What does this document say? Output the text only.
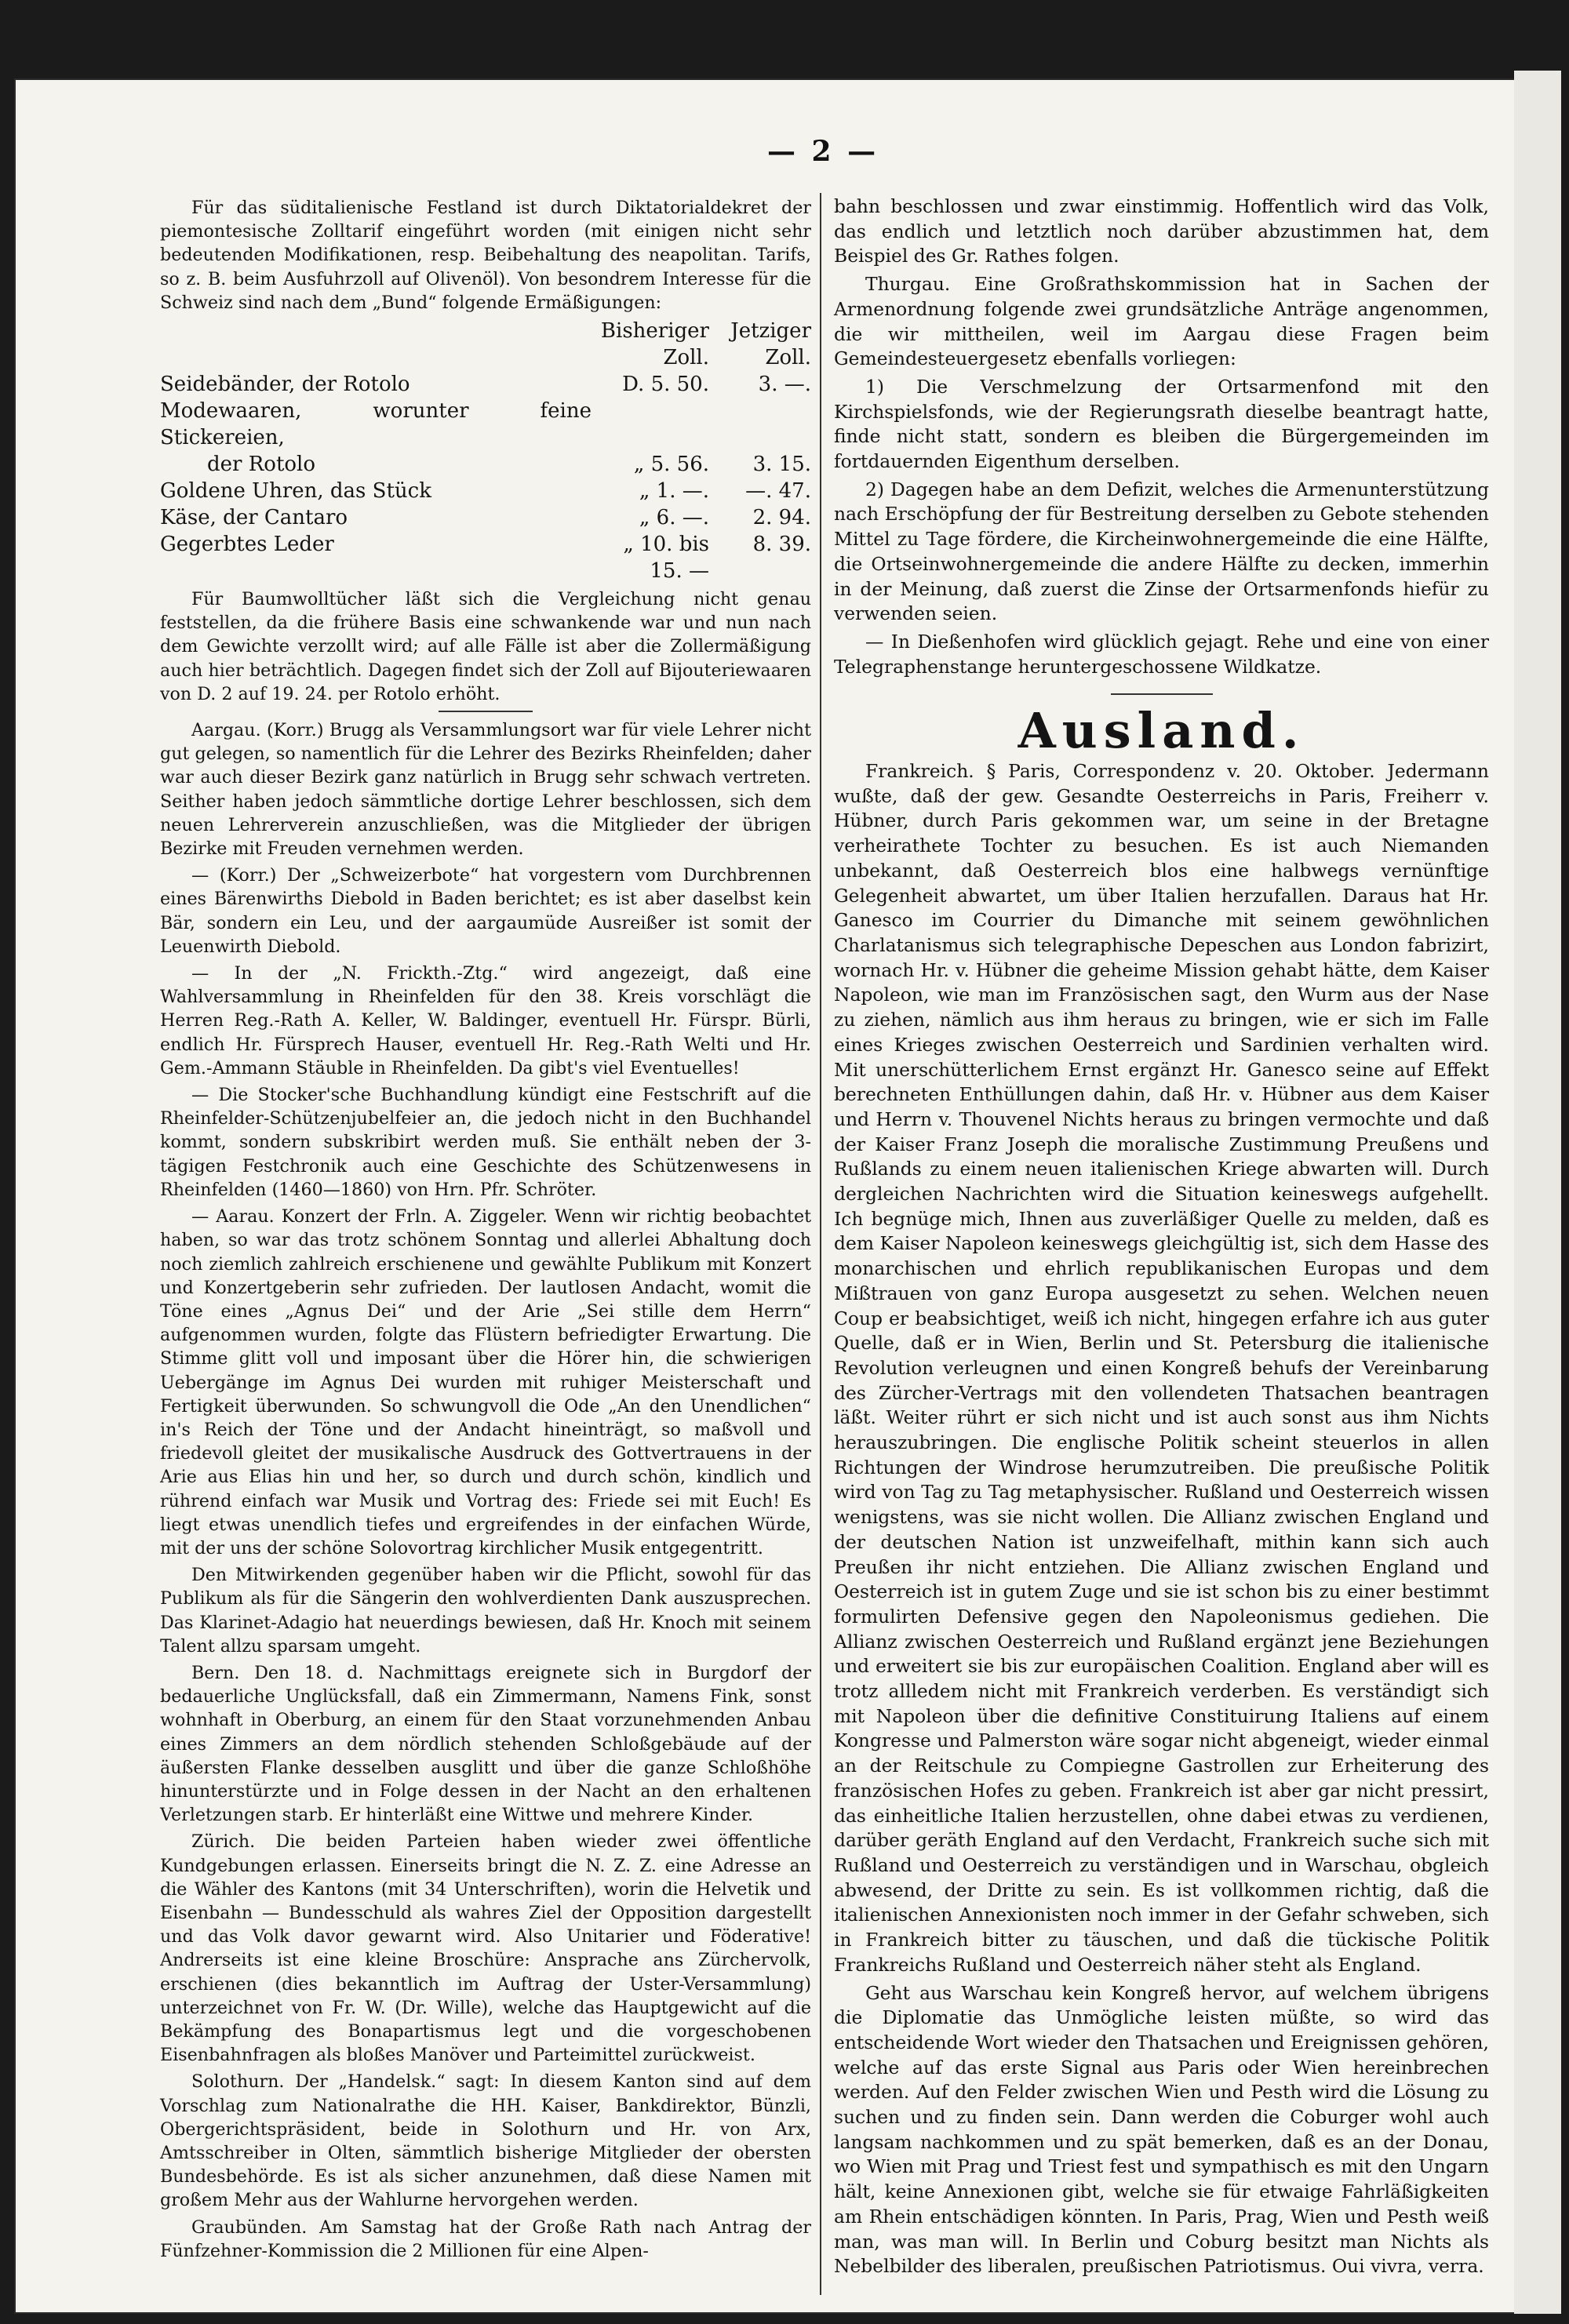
— 2 —

Für das süditalienische Festland ist durch Diktatorialdekret der piemontesische Zolltarif eingeführt worden (mit einigen nicht sehr bedeutenden Modifikationen, resp. Beibehaltung des neapolitan. Tarifs, so z. B. beim Ausfuhrzoll auf Olivenöl). Von besondrem Interesse für die Schweiz sind nach dem „Bund“ folgende Ermäßigungen:

	Bisheriger Zoll.	Jetziger Zoll.
Seidebänder, der Rotolo	D. 5. 50.	3. —.
Modewaaren, worunter feine Stickereien,		
der Rotolo	„ 5. 56.	3. 15.
Goldene Uhren, das Stück	„ 1. —.	—. 47.
Käse, der Cantaro	„ 6. —.	2. 94.
Gegerbtes Leder	„ 10. bis 15. —	8. 39.

Für Baumwolltücher läßt sich die Vergleichung nicht genau feststellen, da die frühere Basis eine schwankende war und nun nach dem Gewichte verzollt wird; auf alle Fälle ist aber die Zollermäßigung auch hier beträchtlich. Dagegen findet sich der Zoll auf Bijouteriewaaren von D. 2 auf 19. 24. per Rotolo erhöht.

Aargau. (Korr.) Brugg als Versammlungsort war für viele Lehrer nicht gut gelegen, so namentlich für die Lehrer des Bezirks Rheinfelden; daher war auch dieser Bezirk ganz natürlich in Brugg sehr schwach vertreten. Seither haben jedoch sämmtliche dortige Lehrer beschlossen, sich dem neuen Lehrerverein anzuschließen, was die Mitglieder der übrigen Bezirke mit Freuden vernehmen werden.

— (Korr.) Der „Schweizerbote“ hat vorgestern vom Durchbrennen eines Bärenwirths Diebold in Baden berichtet; es ist aber daselbst kein Bär, sondern ein Leu, und der aargaumüde Ausreißer ist somit der Leuenwirth Diebold.

— In der „N. Frickth.-Ztg.“ wird angezeigt, daß eine Wahlversammlung in Rheinfelden für den 38. Kreis vorschlägt die Herren Reg.-Rath A. Keller, W. Baldinger, eventuell Hr. Fürspr. Bürli, endlich Hr. Fürsprech Hauser, eventuell Hr. Reg.-Rath Welti und Hr. Gem.-Ammann Stäuble in Rheinfelden. Da gibt's viel Eventuelles!

— Die Stocker'sche Buchhandlung kündigt eine Festschrift auf die Rheinfelder-Schützenjubelfeier an, die jedoch nicht in den Buchhandel kommt, sondern subskribirt werden muß. Sie enthält neben der 3-tägigen Festchronik auch eine Geschichte des Schützenwesens in Rheinfelden (1460—1860) von Hrn. Pfr. Schröter.

— Aarau. Konzert der Frln. A. Ziggeler. Wenn wir richtig beobachtet haben, so war das trotz schönem Sonntag und allerlei Abhaltung doch noch ziemlich zahlreich erschienene und gewählte Publikum mit Konzert und Konzertgeberin sehr zufrieden. Der lautlosen Andacht, womit die Töne eines „Agnus Dei“ und der Arie „Sei stille dem Herrn“ aufgenommen wurden, folgte das Flüstern befriedigter Erwartung. Die Stimme glitt voll und imposant über die Hörer hin, die schwierigen Uebergänge im Agnus Dei wurden mit ruhiger Meisterschaft und Fertigkeit überwunden. So schwungvoll die Ode „An den Unendlichen“ in's Reich der Töne und der Andacht hineinträgt, so maßvoll und friedevoll gleitet der musikalische Ausdruck des Gottvertrauens in der Arie aus Elias hin und her, so durch und durch schön, kindlich und rührend einfach war Musik und Vortrag des: Friede sei mit Euch! Es liegt etwas unendlich tiefes und ergreifendes in der einfachen Würde, mit der uns der schöne Solovortrag kirchlicher Musik entgegentritt.

Den Mitwirkenden gegenüber haben wir die Pflicht, sowohl für das Publikum als für die Sängerin den wohlverdienten Dank auszusprechen. Das Klarinet-Adagio hat neuerdings bewiesen, daß Hr. Knoch mit seinem Talent allzu sparsam umgeht.

Bern. Den 18. d. Nachmittags ereignete sich in Burgdorf der bedauerliche Unglücksfall, daß ein Zimmermann, Namens Fink, sonst wohnhaft in Oberburg, an einem für den Staat vorzunehmenden Anbau eines Zimmers an dem nördlich stehenden Schloßgebäude auf der äußersten Flanke desselben ausglitt und über die ganze Schloßhöhe hinunterstürzte und in Folge dessen in der Nacht an den erhaltenen Verletzungen starb. Er hinterläßt eine Wittwe und mehrere Kinder.

Zürich. Die beiden Parteien haben wieder zwei öffentliche Kundgebungen erlassen. Einerseits bringt die N. Z. Z. eine Adresse an die Wähler des Kantons (mit 34 Unterschriften), worin die Helvetik und Eisenbahn — Bundesschuld als wahres Ziel der Opposition dargestellt und das Volk davor gewarnt wird. Also Unitarier und Föderative! Andrerseits ist eine kleine Broschüre: Ansprache ans Zürchervolk, erschienen (dies bekanntlich im Auftrag der Uster-Versammlung) unterzeichnet von Fr. W. (Dr. Wille), welche das Hauptgewicht auf die Bekämpfung des Bonapartismus legt und die vorgeschobenen Eisenbahnfragen als bloßes Manöver und Parteimittel zurückweist.

Solothurn. Der „Handelsk.“ sagt: In diesem Kanton sind auf dem Vorschlag zum Nationalrathe die HH. Kaiser, Bankdirektor, Bünzli, Obergerichtspräsident, beide in Solothurn und Hr. von Arx, Amtsschreiber in Olten, sämmtlich bisherige Mitglieder der obersten Bundesbehörde. Es ist als sicher anzunehmen, daß diese Namen mit großem Mehr aus der Wahlurne hervorgehen werden.

Graubünden. Am Samstag hat der Große Rath nach Antrag der Fünfzehner-Kommission die 2 Millionen für eine Alpen-

bahn beschlossen und zwar einstimmig. Hoffentlich wird das Volk, das endlich und letztlich noch darüber abzustimmen hat, dem Beispiel des Gr. Rathes folgen.

Thurgau. Eine Großrathskommission hat in Sachen der Armenordnung folgende zwei grundsätzliche Anträge angenommen, die wir mittheilen, weil im Aargau diese Fragen beim Gemeindesteuergesetz ebenfalls vorliegen:

1) Die Verschmelzung der Ortsarmenfond mit den Kirchspielsfonds, wie der Regierungsrath dieselbe beantragt hatte, finde nicht statt, sondern es bleiben die Bürgergemeinden im fortdauernden Eigenthum derselben.

2) Dagegen habe an dem Defizit, welches die Armenunterstützung nach Erschöpfung der für Bestreitung derselben zu Gebote stehenden Mittel zu Tage fördere, die Kircheinwohnergemeinde die eine Hälfte, die Ortseinwohnergemeinde die andere Hälfte zu decken, immerhin in der Meinung, daß zuerst die Zinse der Ortsarmenfonds hiefür zu verwenden seien.

— In Dießenhofen wird glücklich gejagt. Rehe und eine von einer Telegraphenstange heruntergeschossene Wildkatze.

Ausland.

Frankreich. § Paris, Correspondenz v. 20. Oktober. Jedermann wußte, daß der gew. Gesandte Oesterreichs in Paris, Freiherr v. Hübner, durch Paris gekommen war, um seine in der Bretagne verheirathete Tochter zu besuchen. Es ist auch Niemanden unbekannt, daß Oesterreich blos eine halbwegs vernünftige Gelegenheit abwartet, um über Italien herzufallen. Daraus hat Hr. Ganesco im Courrier du Dimanche mit seinem gewöhnlichen Charlatanismus sich telegraphische Depeschen aus London fabrizirt, wornach Hr. v. Hübner die geheime Mission gehabt hätte, dem Kaiser Napoleon, wie man im Französischen sagt, den Wurm aus der Nase zu ziehen, nämlich aus ihm heraus zu bringen, wie er sich im Falle eines Krieges zwischen Oesterreich und Sardinien verhalten wird. Mit unerschütterlichem Ernst ergänzt Hr. Ganesco seine auf Effekt berechneten Enthüllungen dahin, daß Hr. v. Hübner aus dem Kaiser und Herrn v. Thouvenel Nichts heraus zu bringen vermochte und daß der Kaiser Franz Joseph die moralische Zustimmung Preußens und Rußlands zu einem neuen italienischen Kriege abwarten will. Durch dergleichen Nachrichten wird die Situation keineswegs aufgehellt. Ich begnüge mich, Ihnen aus zuverläßiger Quelle zu melden, daß es dem Kaiser Napoleon keineswegs gleichgültig ist, sich dem Hasse des monarchischen und ehrlich republikanischen Europas und dem Mißtrauen von ganz Europa ausgesetzt zu sehen. Welchen neuen Coup er beabsichtiget, weiß ich nicht, hingegen erfahre ich aus guter Quelle, daß er in Wien, Berlin und St. Petersburg die italienische Revolution verleugnen und einen Kongreß behufs der Vereinbarung des Zürcher-Vertrags mit den vollendeten Thatsachen beantragen läßt. Weiter rührt er sich nicht und ist auch sonst aus ihm Nichts herauszubringen. Die englische Politik scheint steuerlos in allen Richtungen der Windrose herumzutreiben. Die preußische Politik wird von Tag zu Tag metaphysischer. Rußland und Oesterreich wissen wenigstens, was sie nicht wollen. Die Allianz zwischen England und der deutschen Nation ist unzweifelhaft, mithin kann sich auch Preußen ihr nicht entziehen. Die Allianz zwischen England und Oesterreich ist in gutem Zuge und sie ist schon bis zu einer bestimmt formulirten Defensive gegen den Napoleonismus gediehen. Die Allianz zwischen Oesterreich und Rußland ergänzt jene Beziehungen und erweitert sie bis zur europäischen Coalition. England aber will es trotz allledem nicht mit Frankreich verderben. Es verständigt sich mit Napoleon über die definitive Constituirung Italiens auf einem Kongresse und Palmerston wäre sogar nicht abgeneigt, wieder einmal an der Reitschule zu Compiegne Gastrollen zur Erheiterung des französischen Hofes zu geben. Frankreich ist aber gar nicht pressirt, das einheitliche Italien herzustellen, ohne dabei etwas zu verdienen, darüber geräth England auf den Verdacht, Frankreich suche sich mit Rußland und Oesterreich zu verständigen und in Warschau, obgleich abwesend, der Dritte zu sein. Es ist vollkommen richtig, daß die italienischen Annexionisten noch immer in der Gefahr schweben, sich in Frankreich bitter zu täuschen, und daß die tückische Politik Frankreichs Rußland und Oesterreich näher steht als England.

Geht aus Warschau kein Kongreß hervor, auf welchem übrigens die Diplomatie das Unmögliche leisten müßte, so wird das entscheidende Wort wieder den Thatsachen und Ereignissen gehören, welche auf das erste Signal aus Paris oder Wien hereinbrechen werden. Auf den Felder zwischen Wien und Pesth wird die Lösung zu suchen und zu finden sein. Dann werden die Coburger wohl auch langsam nachkommen und zu spät bemerken, daß es an der Donau, wo Wien mit Prag und Triest fest und sympathisch es mit den Ungarn hält, keine Annexionen gibt, welche sie für etwaige Fahrläßigkeiten am Rhein entschädigen könnten. In Paris, Prag, Wien und Pesth weiß man, was man will. In Berlin und Coburg besitzt man Nichts als Nebelbilder des liberalen, preußischen Patriotismus. Oui vivra, verra.
